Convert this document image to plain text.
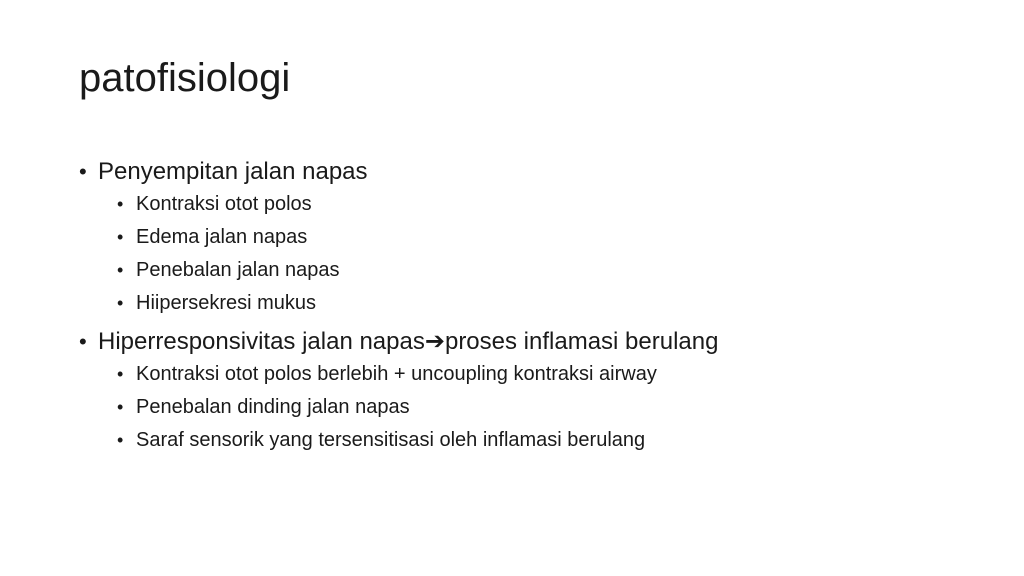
patofisiologi
• Penyempitan jalan napas
• Kontraksi otot polos
• Edema jalan napas
• Penebalan jalan napas
• Hiipersekresi mukus
• Hiperresponsivitas jalan napas➔proses inflamasi berulang
• Kontraksi otot polos berlebih + uncoupling kontraksi airway
• Penebalan dinding jalan napas
• Saraf sensorik yang tersensitisasi oleh inflamasi berulang
